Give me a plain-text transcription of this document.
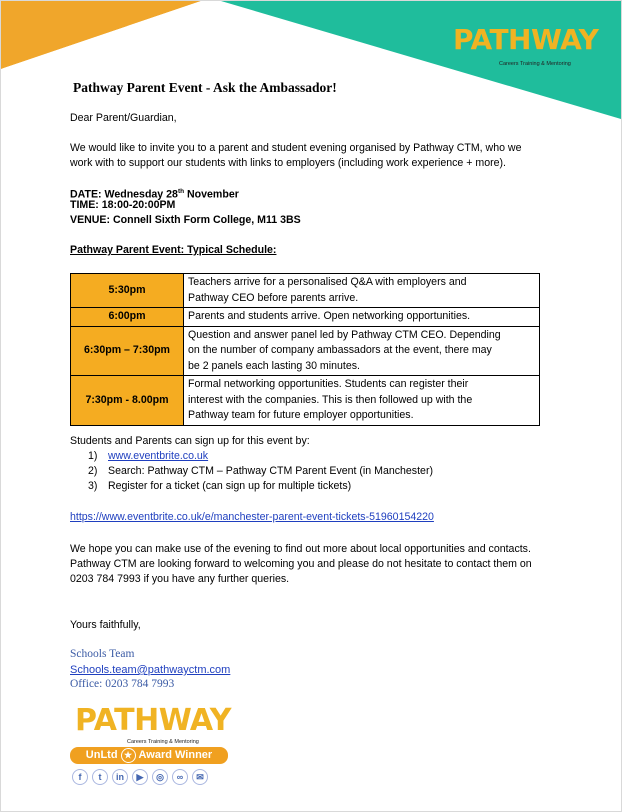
PATHWAY
Careers Training & Mentoring
Pathway Parent Event - Ask the Ambassador!
Dear Parent/Guardian,
We would like to invite you to a parent and student evening organised by Pathway CTM, who we
work with to support our students with links to employers (including work experience + more).
DATE: Wednesday 28th November
TIME: 18:00-20:00PM
VENUE: Connell Sixth Form College, M11 3BS
Pathway Parent Event: Typical Schedule:
5:30pm	Teachers arrive for a personalised Q&A with employers and
Pathway CEO before parents arrive.

6:00pm	Parents and students arrive. Open networking opportunities.

6:30pm – 7:30pm	Question and answer panel led by Pathway CTM CEO. Depending
on the number of company ambassadors at the event, there may
be 2 panels each lasting 30 minutes.

7:30pm - 8.00pm	Formal networking opportunities. Students can register their
interest with the companies. This is then followed up with the
Pathway team for future employer opportunities.
Students and Parents can sign up for this event by:
1) www.eventbrite.co.uk
2) Search: Pathway CTM – Pathway CTM Parent Event (in Manchester)
3) Register for a ticket (can sign up for multiple tickets)
https://www.eventbrite.co.uk/e/manchester-parent-event-tickets-51960154220
We hope you can make use of the evening to find out more about local opportunities and contacts.
Pathway CTM are looking forward to welcoming you and please do not hesitate to contact them on
0203 784 7993 if you have any further queries.
Yours faithfully,
Schools Team
Schools.team@pathwayctm.com
Office: 0203 784 7993
PATHWAY
Careers Training & Mentoring
UnLtd ★ Award Winner
f	t	in	▶	◎	∞	✉
